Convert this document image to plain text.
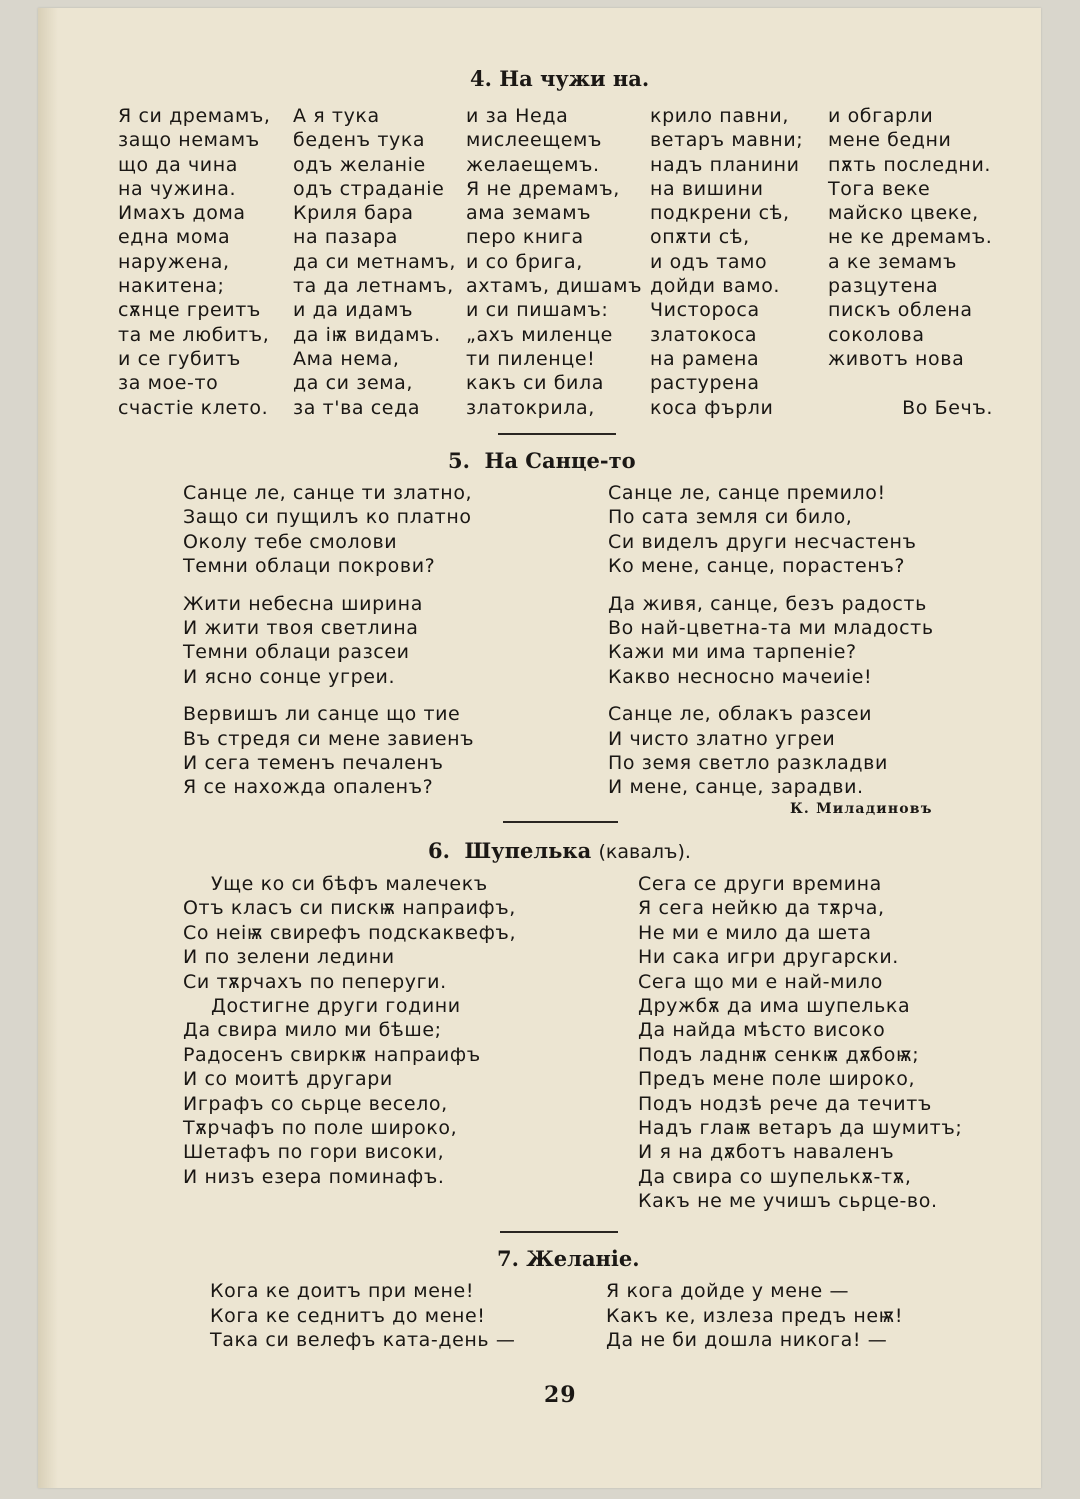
4. На чужи на.
Я си дремамъ,
защо немамъ
що да чина
на чужина.
Имахъ дома
една мома
наружена,
накитена;
сѫнце греитъ
та ме любитъ,
и се губитъ
за мое-то
счастіе клето.
А я тука
беденъ тука
одъ желаніе
одъ страданіе
Криля бара
на пазара
да си метнамъ,
та да летнамъ,
и да идамъ
да іѭ видамъ.
Ама нема,
да си зема,
за т'ва седа
и за Неда
мислеещемъ
желаещемъ.
Я не дремамъ,
ама земамъ
перо книга
и со брига,
ахтамъ, дишамъ
и си пишамъ:
„ахъ миленце
ти пиленце!
какъ си била
златокрила,
крило павни,
ветаръ мавни;
надъ планини
на вишини
подкрени сѣ,
опѫти сѣ,
и одъ тамо
дойди вамо.
Чистороса
златокоса
на рамена
растурена
коса фърли
и обгарли
мене бедни
пѫть последни.
Тога веке
майско цвеке,
не ке дремамъ.
а ке земамъ
разцутена
пискъ облена
соколова
животъ нова

Во Бечъ.
5.  На Санце-то
Санце ле, санце ти златно,
Защо си пущилъ ко платно
Околу тебе смолови
Темни облаци покрови?
Жити небесна ширина
И жити твоя светлина
Темни облаци разсеи
И ясно сонце угреи.
Вервишъ ли санце що тие
Въ стредя си мене завиенъ
И сега теменъ печаленъ
Я се нахожда опаленъ?
Санце ле, санце премило!
По сата земля си било,
Си виделъ други несчастенъ
Ко мене, санце, порастенъ?
Да живя, санце, безъ радость
Во най-цветна-та ми младость
Кажи ми има тарпеніе?
Какво несносно мачеиіе!
Санце ле, облакъ разсеи
И чисто златно угреи
По земя светло разкладви
И мене, санце, зарадви.
К. Миладиновъ
6.  Шупелька (кавалъ).
Уще ко си бѣфъ малечекъ
Отъ класъ си пискѭ напраифъ,
Со неіѭ свирефъ подскаквефъ,
И по зелени ледини
Си тѫрчахъ по пеперуги.
Достигне други години
Да свира мило ми бѣше;
Радосенъ свиркѭ напраифъ
И со моитѣ другари
Играфъ со сьрце весело,
Тѫрчафъ по поле широко,
Шетафъ по гори високи,
И низъ езера поминафъ.
Сега се други времина
Я сега нейкю да тѫрча,
Не ми е мило да шета
Ни сака игри другарски.
Сега що ми е най-мило
Дружбѫ да има шупелька
Да найда мѣсто високо
Подъ ладнѭ сенкѭ дѫбоѭ;
Предъ мене поле широко,
Подъ нодзѣ рече да течитъ
Надъ глаѭ ветаръ да шумитъ;
И я на дѫботъ наваленъ
Да свира со шупелькѫ-тѫ,
Какъ не ме учишъ сьрце-во.
7. Желаніе.
Кога ке доитъ при мене!
Кога ке седнитъ до мене!
Така си велефъ ката-день —
Я кога дойде у мене —
Какъ ке, излеза предъ неѭ!
Да не би дошла никога! —
29
